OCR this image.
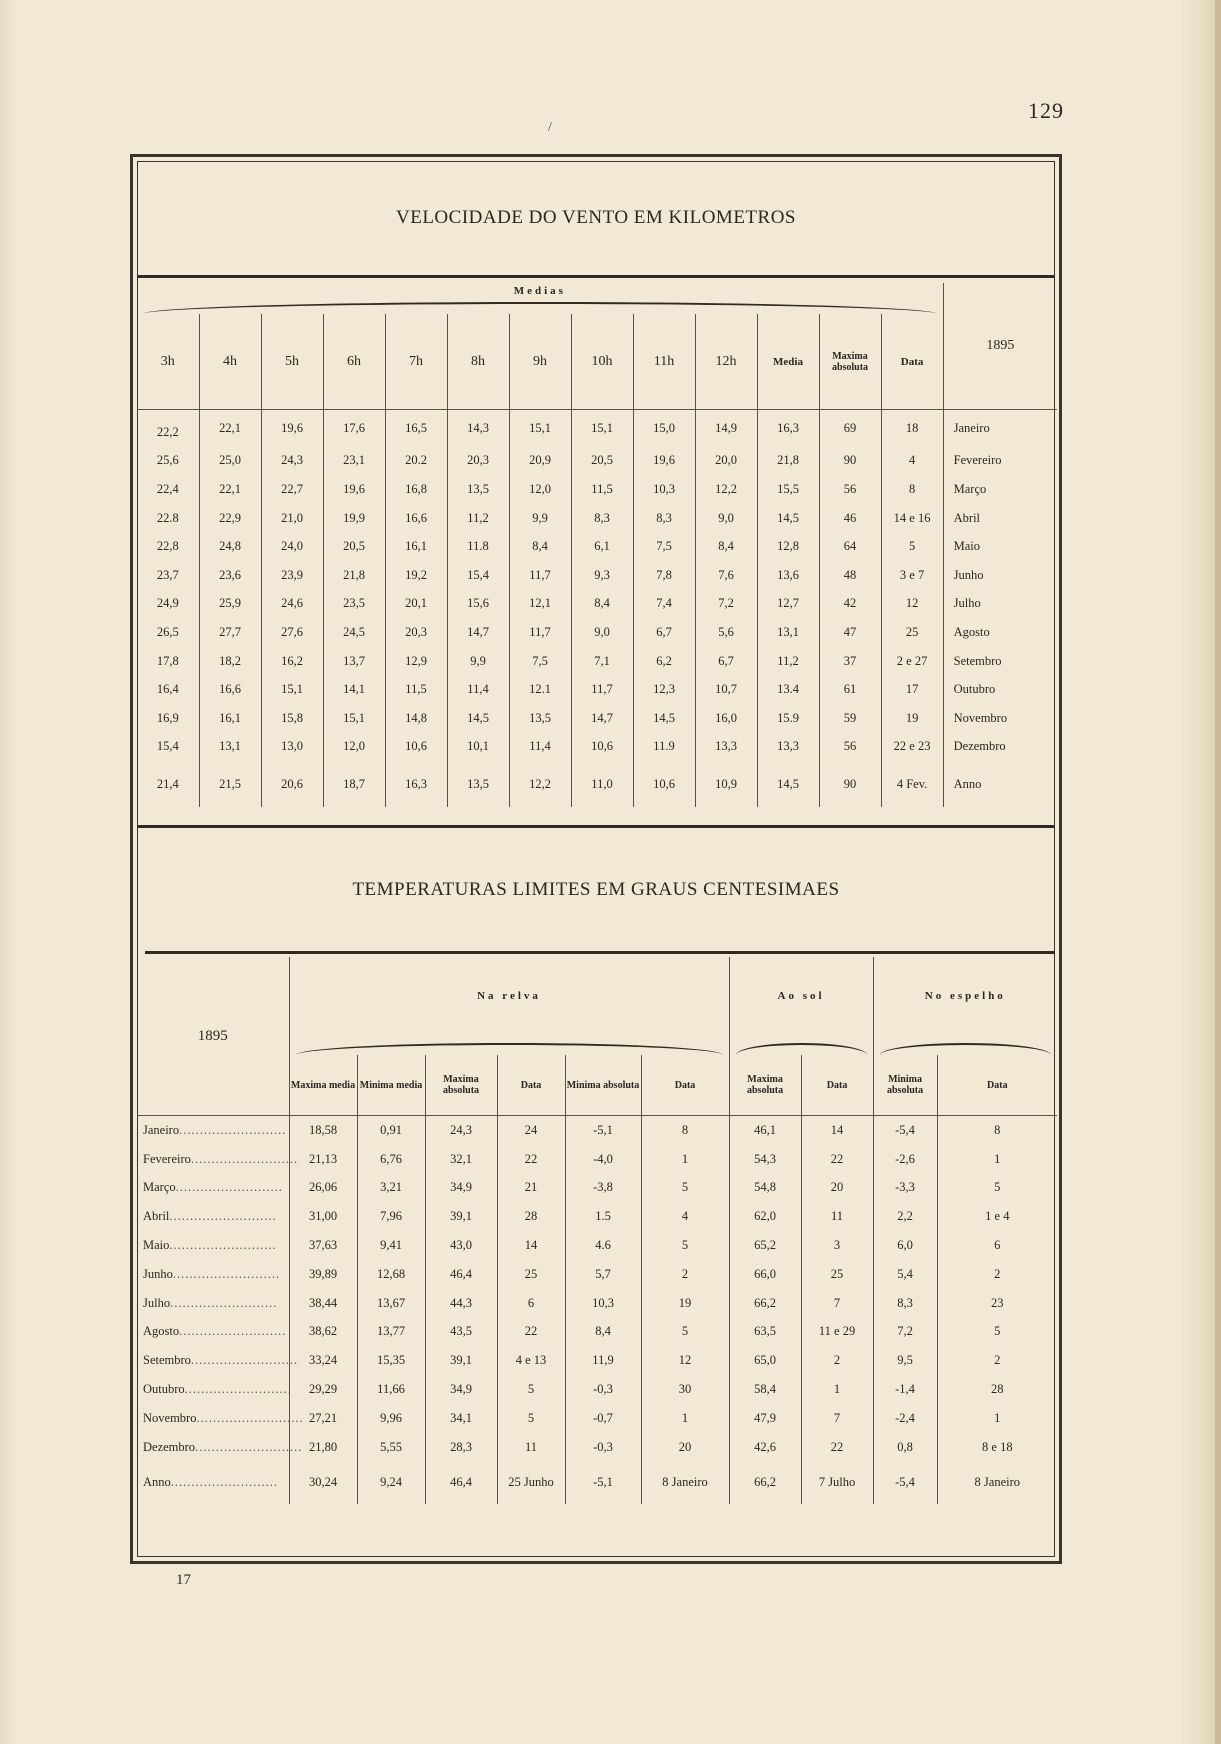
129
/
VELOCIDADE DO VENTO EM KILOMETROS
Medias													1895
3h	4h	5h	6h	7h	8h	9h	10h	11h	12h	Media	Maxima absoluta	Data	
22,2	22,1	19,6	17,6	16,5	14,3	15,1	15,1	15,0	14,9	16,3	69	18	Janeiro
25,6	25,0	24,3	23,1	20.2	20,3	20,9	20,5	19,6	20,0	21,8	90	4	Fevereiro
22,4	22,1	22,7	19,6	16,8	13,5	12,0	11,5	10,3	12,2	15,5	56	8	Março
22.8	22,9	21,0	19,9	16,6	11,2	9,9	8,3	8,3	9,0	14,5	46	14 e 16	Abril
22,8	24,8	24,0	20,5	16,1	11.8	8,4	6,1	7,5	8,4	12,8	64	5	Maio
23,7	23,6	23,9	21,8	19,2	15,4	11,7	9,3	7,8	7,6	13,6	48	3 e 7	Junho
24,9	25,9	24,6	23,5	20,1	15,6	12,1	8,4	7,4	7,2	12,7	42	12	Julho
26,5	27,7	27,6	24,5	20,3	14,7	11,7	9,0	6,7	5,6	13,1	47	25	Agosto
17,8	18,2	16,2	13,7	12,9	9,9	7,5	7,1	6,2	6,7	11,2	37	2 e 27	Setembro
16,4	16,6	15,1	14,1	11,5	11,4	12.1	11,7	12,3	10,7	13.4	61	17	Outubro
16,9	16,1	15,8	15,1	14,8	14,5	13,5	14,7	14,5	16,0	15.9	59	19	Novembro
15,4	13,1	13,0	12,0	10,6	10,1	11,4	10,6	11.9	13,3	13,3	56	22 e 23	Dezembro
21,4	21,5	20,6	18,7	16,3	13,5	12,2	11,0	10,6	10,9	14,5	90	4 Fev.	Anno
TEMPERATURAS LIMITES EM GRAUS CENTESIMAES
1895	Na relva						Ao sol		No espelho	

	Maxima media	Minima media	Maxima absoluta	Data	Minima absoluta	Data	Maxima absoluta	Data	Minima absoluta	Data
Janeiro..........................	18,58	0,91	24,3	24	-5,1	8	46,1	14	-5,4	8
Fevereiro..........................	21,13	6,76	32,1	22	-4,0	1	54,3	22	-2,6	1
Março..........................	26,06	3,21	34,9	21	-3,8	5	54,8	20	-3,3	5
Abril..........................	31,00	7,96	39,1	28	1.5	4	62,0	11	2,2	1 e 4
Maio..........................	37,63	9,41	43,0	14	4.6	5	65,2	3	6,0	6
Junho..........................	39,89	12,68	46,4	25	5,7	2	66,0	25	5,4	2
Julho..........................	38,44	13,67	44,3	6	10,3	19	66,2	7	8,3	23
Agosto..........................	38,62	13,77	43,5	22	8,4	5	63,5	11 e 29	7,2	5
Setembro..........................	33,24	15,35	39,1	4 e 13	11,9	12	65,0	2	9,5	2
Outubro..........................	29,29	11,66	34,9	5	-0,3	30	58,4	1	-1,4	28
Novembro..........................	27,21	9,96	34,1	5	-0,7	1	47,9	7	-2,4	1
Dezembro..........................	21,80	5,55	28,3	11	-0,3	20	42,6	22	0,8	8 e 18
Anno..........................	30,24	9,24	46,4	25 Junho	-5,1	8 Janeiro	66,2	7 Julho	-5,4	8 Janeiro
17
